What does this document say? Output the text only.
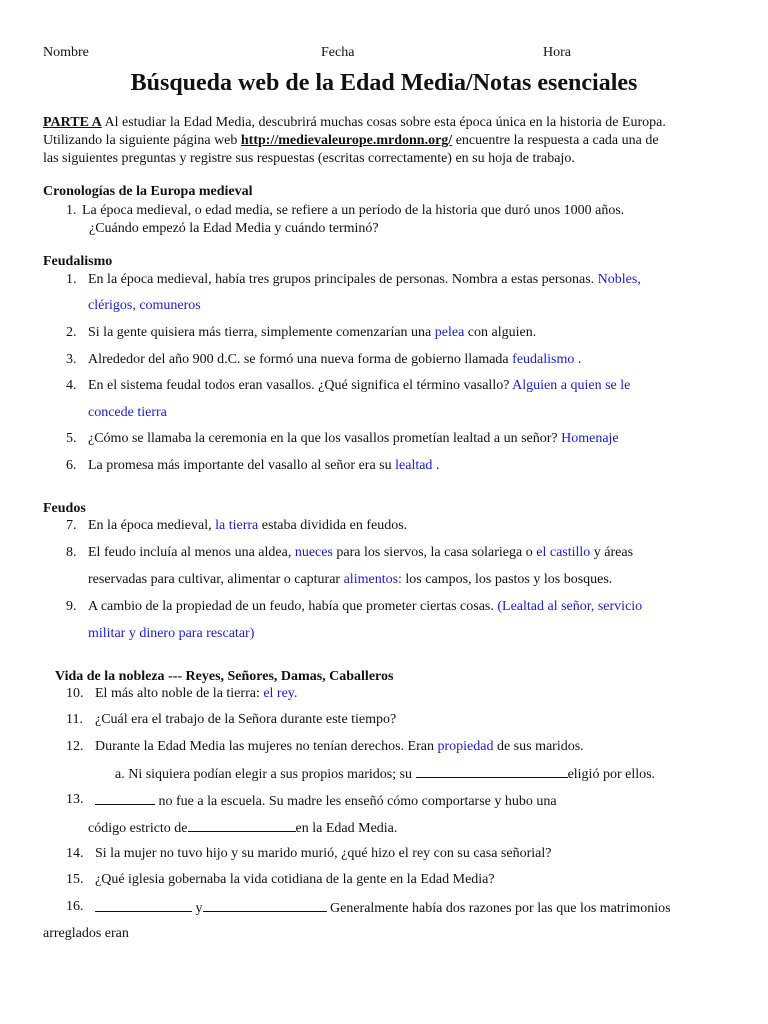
Nombre	Fecha	Hora
Búsqueda web de la Edad Media/Notas esenciales
PARTE A Al estudiar la Edad Media, descubrirá muchas cosas sobre esta época única en la historia de Europa.
Utilizando la siguiente página web http://medievaleurope.mrdonn.org/ encuentre la respuesta a cada una de
las siguientes preguntas y registre sus respuestas (escritas correctamente) en su hoja de trabajo.
Cronologías de la Europa medieval
1. La época medieval, o edad media, se refiere a un período de la historia que duró unos 1000 años.
¿Cuándo empezó la Edad Media y cuándo terminó?
Feudalismo
1. En la época medieval, había tres grupos principales de personas. Nombra a estas personas. Nobles,
clérigos, comuneros
2. Si la gente quisiera más tierra, simplemente comenzarían una pelea con alguien.
3. Alrededor del año 900 d.C. se formó una nueva forma de gobierno llamada feudalismo .
4. En el sistema feudal todos eran vasallos. ¿Qué significa el término vasallo? Alguien a quien se le
concede tierra
5. ¿Cómo se llamaba la ceremonia en la que los vasallos prometían lealtad a un señor? Homenaje
6. La promesa más importante del vasallo al señor era su lealtad .
Feudos
7. En la época medieval, la tierra estaba dividida en feudos.
8. El feudo incluía al menos una aldea, nueces para los siervos, la casa solariega o el castillo y áreas
reservadas para cultivar, alimentar o capturar alimentos: los campos, los pastos y los bosques.
9. A cambio de la propiedad de un feudo, había que prometer ciertas cosas. (Lealtad al señor, servicio
militar y dinero para rescatar)
Vida de la nobleza --- Reyes, Señores, Damas, Caballeros
10. El más alto noble de la tierra: el rey.
11. ¿Cuál era el trabajo de la Señora durante este tiempo?
12. Durante la Edad Media las mujeres no tenían derechos. Eran propiedad de sus maridos.
a. Ni siquiera podían elegir a sus propios maridos; su	eligió por ellos.
13.	no fue a la escuela. Su madre les enseñó cómo comportarse y hubo una
código estricto de	en la Edad Media.
14. Si la mujer no tuvo hijo y su marido murió, ¿qué hizo el rey con su casa señorial?
15. ¿Qué iglesia gobernaba la vida cotidiana de la gente en la Edad Media?
16.	y	Generalmente había dos razones por las que los matrimonios
arreglados eran
